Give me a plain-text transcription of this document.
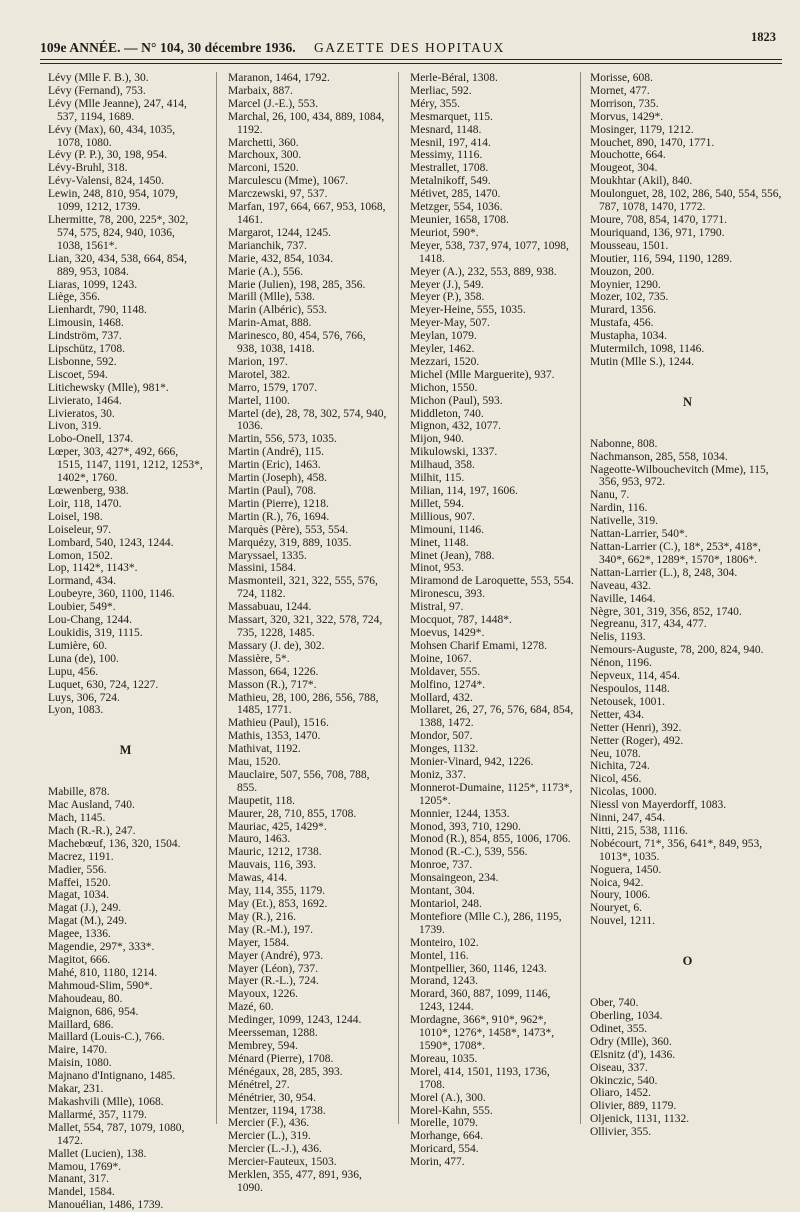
109e ANNÉE. — N° 104, 30 décembre 1936. GAZETTE DES HOPITAUX
1823
Lévy (Mlle F. B.), 30.
Lévy (Fernand), 753.
Lévy (Mlle Jeanne), 247, 414, 537, 1194, 1689.
Lévy (Max), 60, 434, 1035, 1078, 1080.
Lévy (P. P.), 30, 198, 954.
Lévy-Bruhl, 318.
Lévy-Valensi, 824, 1450.
Lewin, 248, 810, 954, 1079, 1099, 1212, 1739.
Lhermitte, 78, 200, 225*, 302, 574, 575, 824, 940, 1036, 1038, 1561*.
Lian, 320, 434, 538, 664, 854, 889, 953, 1084.
Liaras, 1099, 1243.
Liège, 356.
Lienhardt, 790, 1148.
Limousin, 1468.
Lindström, 737.
Lipschütz, 1708.
Lisbonne, 592.
Liscoet, 594.
Litichewsky (Mlle), 981*.
Livierato, 1464.
Livieratos, 30.
Livon, 319.
Lobo-Onell, 1374.
Lœper, 303, 427*, 492, 666, 1515, 1147, 1191, 1212, 1253*, 1402*, 1760.
Lœwenberg, 938.
Loir, 118, 1470.
Loisel, 198.
Loiseleur, 97.
Lombard, 540, 1243, 1244.
Lomon, 1502.
Lop, 1142*, 1143*.
Lormand, 434.
Loubeyre, 360, 1100, 1146.
Loubier, 549*.
Lou-Chang, 1244.
Loukidis, 319, 1115.
Lumière, 60.
Luna (de), 100.
Lupu, 456.
Luquet, 630, 724, 1227.
Luys, 306, 724.
Lyon, 1083.
M
Mabille, 878.
Mac Ausland, 740.
Mach, 1145.
Mach (R.-R.), 247.
Machebœuf, 136, 320, 1504.
Macrez, 1191.
Madier, 556.
Maffei, 1520.
Magat, 1034.
Magat (J.), 249.
Magat (M.), 249.
Magee, 1336.
Magendie, 297*, 333*.
Magitot, 666.
Mahé, 810, 1180, 1214.
Mahmoud-Slim, 590*.
Mahoudeau, 80.
Maignon, 686, 954.
Maillard, 686.
Maillard (Louis-C.), 766.
Maire, 1470.
Maisin, 1080.
Majnano d'Intignano, 1485.
Makar, 231.
Makashvili (Mlle), 1068.
Mallarmé, 357, 1179.
Mallet, 554, 787, 1079, 1080, 1472.
Mallet (Lucien), 138.
Mamou, 1769*.
Manant, 317.
Mandel, 1584.
Manouélian, 1486, 1739.
Maranon, 1464, 1792.
Marbaix, 887.
Marcel (J.-E.), 553.
Marchal, 26, 100, 434, 889, 1084, 1192.
Marchetti, 360.
Marchoux, 300.
Marconi, 1520.
Marculescu (Mme), 1067.
Marczewski, 97, 537.
Marfan, 197, 664, 667, 953, 1068, 1461.
Margarot, 1244, 1245.
Marianchik, 737.
Marie, 432, 854, 1034.
Marie (A.), 556.
Marie (Julien), 198, 285, 356.
Marill (Mlle), 538.
Marin (Albéric), 553.
Marin-Amat, 888.
Marinesco, 80, 454, 576, 766, 938, 1038, 1418.
Marion, 197.
Marotel, 382.
Marro, 1579, 1707.
Martel, 1100.
Martel (de), 28, 78, 302, 574, 940, 1036.
Martin, 556, 573, 1035.
Martin (André), 115.
Martin (Eric), 1463.
Martin (Joseph), 458.
Martin (Paul), 708.
Martin (Pierre), 1218.
Martin (R.), 76, 1694.
Marquès (Père), 553, 554.
Marquézy, 319, 889, 1035.
Maryssael, 1335.
Massini, 1584.
Masmonteil, 321, 322, 555, 576, 724, 1182.
Massabuau, 1244.
Massart, 320, 321, 322, 578, 724, 735, 1228, 1485.
Massary (J. de), 302.
Massière, 5*.
Masson, 664, 1226.
Masson (R.), 717*.
Mathieu, 28, 100, 286, 556, 788, 1485, 1771.
Mathieu (Paul), 1516.
Mathis, 1353, 1470.
Mathivat, 1192.
Mau, 1520.
Mauclaire, 507, 556, 708, 788, 855.
Maupetit, 118.
Maurer, 28, 710, 855, 1708.
Mauriac, 425, 1429*.
Mauro, 1463.
Mauric, 1212, 1738.
Mauvais, 116, 393.
Mawas, 414.
May, 114, 355, 1179.
May (Et.), 853, 1692.
May (R.), 216.
May (R.-M.), 197.
Mayer, 1584.
Mayer (André), 973.
Mayer (Léon), 737.
Mayer (R.-L.), 724.
Mayoux, 1226.
Mazé, 60.
Medinger, 1099, 1243, 1244.
Meersseman, 1288.
Membrey, 594.
Ménard (Pierre), 1708.
Ménégaux, 28, 285, 393.
Ménétrel, 27.
Ménétrier, 30, 954.
Mentzer, 1194, 1738.
Mercier (F.), 436.
Mercier (L.), 319.
Mercier (L.-J.), 436.
Mercier-Fauteux, 1503.
Merklen, 355, 477, 891, 936, 1090.
Merle-Béral, 1308.
Merliac, 592.
Méry, 355.
Mesmarquet, 115.
Mesnard, 1148.
Mesnil, 197, 414.
Messimy, 1116.
Mestrallet, 1708.
Metalnikoff, 549.
Métivet, 285, 1470.
Metzger, 554, 1036.
Meunier, 1658, 1708.
Meuriot, 590*.
Meyer, 538, 737, 974, 1077, 1098, 1418.
Meyer (A.), 232, 553, 889, 938.
Meyer (J.), 549.
Meyer (P.), 358.
Meyer-Heine, 555, 1035.
Meyer-May, 507.
Meylan, 1079.
Meyler, 1462.
Mezzari, 1520.
Michel (Mlle Marguerite), 937.
Michon, 1550.
Michon (Paul), 593.
Middleton, 740.
Mignon, 432, 1077.
Mijon, 940.
Mikulowski, 1337.
Milhaud, 358.
Milhit, 115.
Milian, 114, 197, 1606.
Millet, 594.
Millious, 907.
Mimouni, 1146.
Minet, 1148.
Minet (Jean), 788.
Minot, 953.
Miramond de Laroquette, 553, 554.
Mironescu, 393.
Mistral, 97.
Mocquot, 787, 1448*.
Moevus, 1429*.
Mohsen Charif Emami, 1278.
Moine, 1067.
Moldaver, 555.
Molfino, 1274*.
Mollard, 432.
Mollaret, 26, 27, 76, 576, 684, 854, 1388, 1472.
Mondor, 507.
Monges, 1132.
Monier-Vinard, 942, 1226.
Moniz, 337.
Monnerot-Dumaine, 1125*, 1173*, 1205*.
Monnier, 1244, 1353.
Monod, 393, 710, 1290.
Monod (R.), 854, 855, 1006, 1706.
Monod (R.-C.), 539, 556.
Monroe, 737.
Monsaingeon, 234.
Montant, 304.
Montariol, 248.
Montefiore (Mlle C.), 286, 1195, 1739.
Monteiro, 102.
Montel, 116.
Montpellier, 360, 1146, 1243.
Morand, 1243.
Morard, 360, 887, 1099, 1146, 1243, 1244.
Mordagne, 366*, 910*, 962*, 1010*, 1276*, 1458*, 1473*, 1590*, 1708*.
Moreau, 1035.
Morel, 414, 1501, 1193, 1736, 1708.
Morel (A.), 300.
Morel-Kahn, 555.
Morelle, 1079.
Morhange, 664.
Moricard, 554.
Morin, 477.
Morisse, 608.
Mornet, 477.
Morrison, 735.
Morvus, 1429*.
Mosinger, 1179, 1212.
Mouchet, 890, 1470, 1771.
Mouchotte, 664.
Mougeot, 304.
Moukhtar (Akil), 840.
Moulonguet, 28, 102, 286, 540, 554, 556, 787, 1078, 1470, 1772.
Moure, 708, 854, 1470, 1771.
Mouriquand, 136, 971, 1790.
Mousseau, 1501.
Moutier, 116, 594, 1190, 1289.
Mouzon, 200.
Moynier, 1290.
Mozer, 102, 735.
Murard, 1356.
Mustafa, 456.
Mustapha, 1034.
Mutermilch, 1098, 1146.
Mutin (Mlle S.), 1244.
N
Nabonne, 808.
Nachmanson, 285, 558, 1034.
Nageotte-Wilbouchevitch (Mme), 115, 356, 953, 972.
Nanu, 7.
Nardin, 116.
Nativelle, 319.
Nattan-Larrier, 540*.
Nattan-Larrier (C.), 18*, 253*, 418*, 340*, 662*, 1289*, 1570*, 1806*.
Nattan-Larrier (L.), 8, 248, 304.
Naveau, 432.
Naville, 1464.
Nègre, 301, 319, 356, 852, 1740.
Negreanu, 317, 434, 477.
Nelis, 1193.
Nemours-Auguste, 78, 200, 824, 940.
Nénon, 1196.
Nepveux, 114, 454.
Nespoulos, 1148.
Netousek, 1001.
Netter, 434.
Netter (Henri), 392.
Netter (Roger), 492.
Neu, 1078.
Nichita, 724.
Nicol, 456.
Nicolas, 1000.
Niessl von Mayerdorff, 1083.
Ninni, 247, 454.
Nitti, 215, 538, 1116.
Nobécourt, 71*, 356, 641*, 849, 953, 1013*, 1035.
Noguera, 1450.
Noica, 942.
Noury, 1006.
Nouryet, 6.
Nouvel, 1211.
O
Ober, 740.
Oberling, 1034.
Odinet, 355.
Odry (Mlle), 360.
Œlsnitz (d'), 1436.
Oiseau, 337.
Okinczic, 540.
Oliaro, 1452.
Olivier, 889, 1179.
Oljenick, 1131, 1132.
Ollivier, 355.
